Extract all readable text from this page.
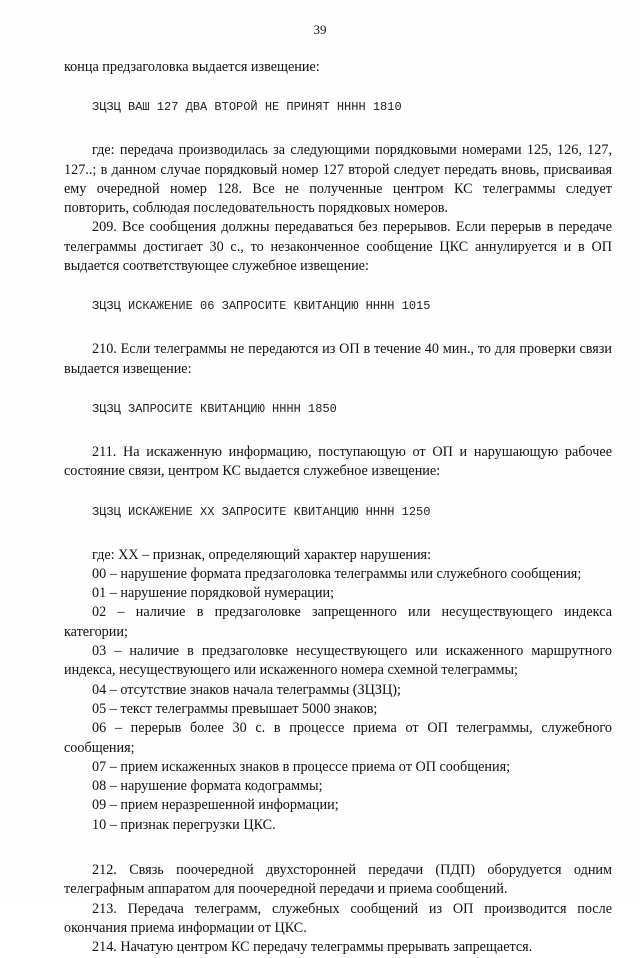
39

конца предзаголовка выдается извещение:

ЗЦЗЦ ВАШ 127 ДВА ВТОРОЙ НЕ ПРИНЯТ НННН 1810

где: передача производилась за следующими порядковыми номерами 125, 126, 127, 127..; в данном случае порядковый номер 127 второй следует передать вновь, присваивая ему очередной номер 128. Все не полученные центром КС телеграммы следует повторить, соблюдая последовательность порядковых номеров.

209. Все сообщения должны передаваться без перерывов. Если перерыв в передаче телеграммы достигает 30 с., то незаконченное сообщение ЦКС аннулируется и в ОП выдается соответствующее служебное извещение:

ЗЦЗЦ ИСКАЖЕНИЕ 06 ЗАПРОСИТЕ КВИТАНЦИЮ НННН 1015

210. Если телеграммы не передаются из ОП в течение 40 мин., то для проверки связи выдается извещение:

ЗЦЗЦ ЗАПРОСИТЕ КВИТАНЦИЮ НННН 1850

211. На искаженную информацию, поступающую от ОП и нарушающую рабочее состояние связи, центром КС выдается служебное извещение:

ЗЦЗЦ ИСКАЖЕНИЕ ХХ ЗАПРОСИТЕ КВИТАНЦИЮ НННН 1250

где: ХХ – признак, определяющий характер нарушения:

00 – нарушение формата предзаголовка телеграммы или служебного сообщения;

01 – нарушение порядковой нумерации;

02 – наличие в предзаголовке запрещенного или несуществующего индекса категории;

03 – наличие в предзаголовке несуществующего или искаженного маршрутного индекса, несуществующего или искаженного номера схемной телеграммы;

04 – отсутствие знаков начала телеграммы (ЗЦЗЦ);

05 – текст телеграммы превышает 5000 знаков;

06 – перерыв более 30 с. в процессе приема от ОП телеграммы, служебного сообщения;

07 – прием искаженных знаков в процессе приема от ОП сообщения;

08 – нарушение формата кодограммы;

09 – прием неразрешенной информации;

10 – признак перегрузки ЦКС.

212. Связь поочередной двухсторонней передачи (ПДП) оборудуется одним телеграфным аппаратом для поочередной передачи и приема сообщений.

213. Передача телеграмм, служебных сообщений из ОП производится после окончания приема информации от ЦКС.

214. Начатую центром КС передачу телеграммы прерывать запрещается.
